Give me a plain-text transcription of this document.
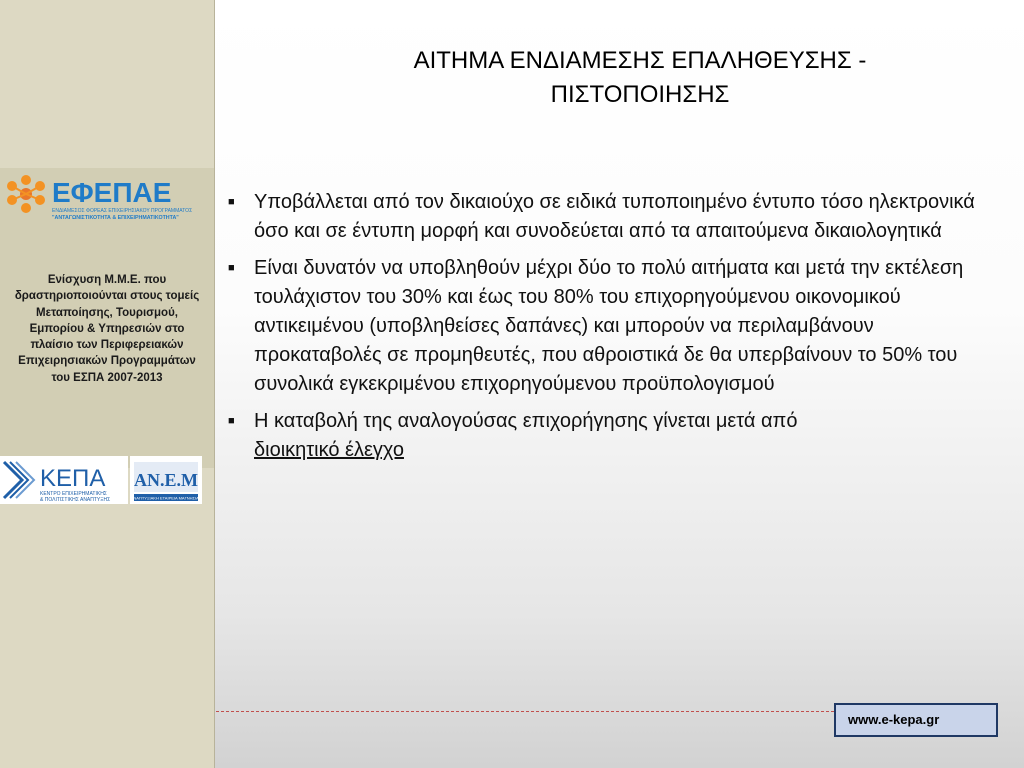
ΕΦΕΠΑΕ
ΕΝΔΙΑΜΕΣΟΣ ΦΟΡΕΑΣ ΕΠΙΧΕΙΡΗΣΙΑΚΟΥ ΠΡΟΓΡΑΜΜΑΤΟΣ
"ΑΝΤΑΓΩΝΙΣΤΙΚΟΤΗΤΑ & ΕΠΙΧΕΙΡΗΜΑΤΙΚΟΤΗΤΑ"
Ενίσχυση Μ.Μ.Ε. που δραστηριοποιούνται στους τομείς Μεταποίησης, Τουρισμού, Εμπορίου & Υπηρεσιών στο πλαίσιο των Περιφερειακών Επιχειρησιακών Προγραμμάτων του ΕΣΠΑ 2007-2013
ΚΕΠΑ
ΚΕΝΤΡΟ ΕΠΙΧΕΙΡΗΜΑΤΙΚΗΣ
& ΠΟΛΙΤΙΣΤΙΚΗΣ ΑΝΑΠΤΥΞΗΣ
ΑΝ.Ε.Μ
ΑΝΑΠΤΥΞΙΑΚΗ ΕΤΑΙΡΕΙΑ ΜΑΓΝΗΣΙΑΣ
ΑΙΤΗΜΑ ΕΝΔΙΑΜΕΣΗΣ ΕΠΑΛΗΘΕΥΣΗΣ -
ΠΙΣΤΟΠΟΙΗΣΗΣ
■ Υποβάλλεται από τον δικαιούχο σε ειδικά τυποποιημένο έντυπο τόσο ηλεκτρονικά όσο και σε έντυπη μορφή και συνοδεύεται από τα απαιτούμενα δικαιολογητικά
■ Είναι δυνατόν να υποβληθούν μέχρι δύο το πολύ αιτήματα και μετά την εκτέλεση τουλάχιστον του 30% και έως του 80% του επιχορηγούμενου οικονομικού αντικειμένου (υποβληθείσες δαπάνες) και μπορούν να περιλαμβάνουν προκαταβολές σε προμηθευτές, που αθροιστικά δε θα υπερβαίνουν το 50% του συνολικά εγκεκριμένου επιχορηγούμενου προϋπολογισμού
■ Η καταβολή της αναλογούσας επιχορήγησης γίνεται μετά από
διοικητικό έλεγχο
www.e-kepa.gr
